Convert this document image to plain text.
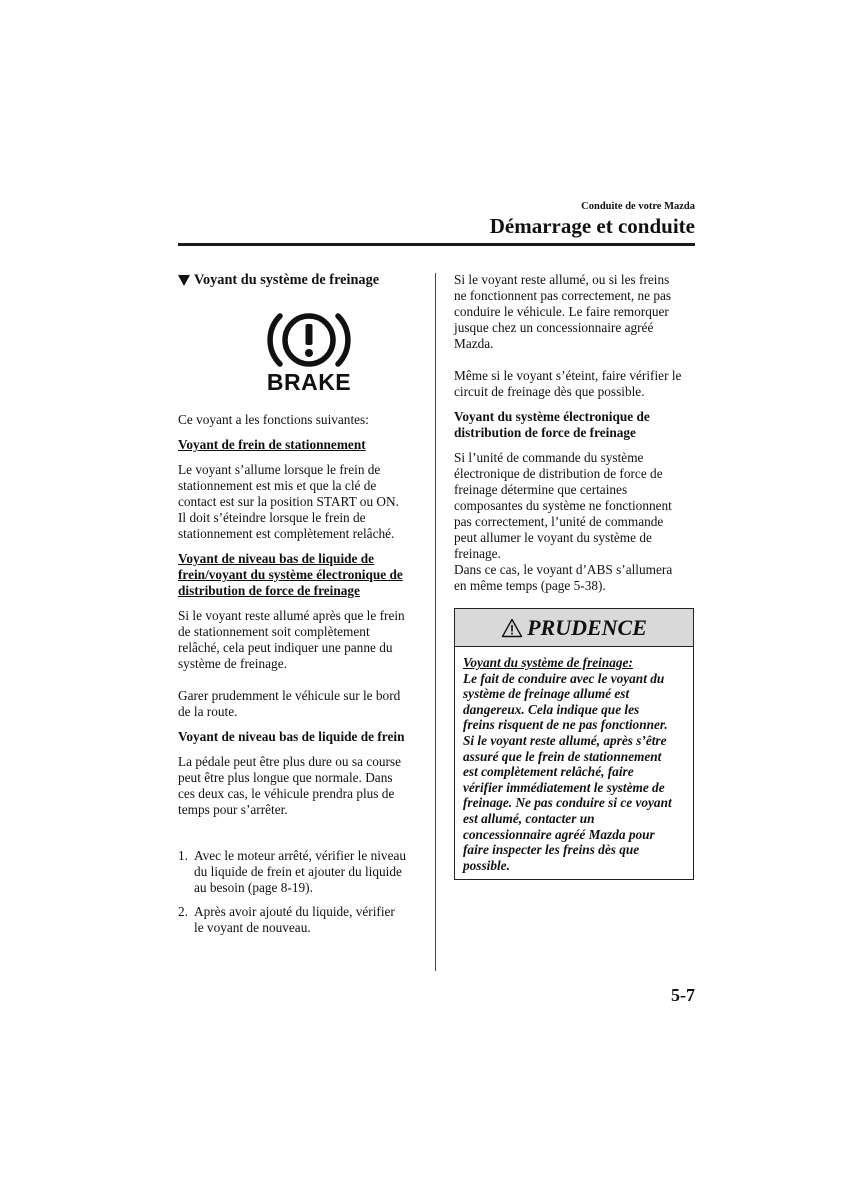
Conduite de votre Mazda
Démarrage et conduite
Voyant du système de freinage
BRAKE

Ce voyant a les fonctions suivantes:

Voyant de frein de stationnement
Le voyant s’allume lorsque le frein de
stationnement est mis et que la clé de
contact est sur la position START ou ON.
Il doit s’éteindre lorsque le frein de
stationnement est complètement relâché.
Voyant de niveau bas de liquide de
frein/voyant du système électronique de
distribution de force de freinage
Si le voyant reste allumé après que le frein
de stationnement soit complètement
relâché, cela peut indiquer une panne du
système de freinage.
Garer prudemment le véhicule sur le bord
de la route.
Voyant de niveau bas de liquide de frein
La pédale peut être plus dure ou sa course
peut être plus longue que normale. Dans
ces deux cas, le véhicule prendra plus de
temps pour s’arrêter.
1. Avec le moteur arrêté, vérifier le niveau
du liquide de frein et ajouter du liquide
au besoin (page 8-19).
2. Après avoir ajouté du liquide, vérifier
le voyant de nouveau.
Si le voyant reste allumé, ou si les freins
ne fonctionnent pas correctement, ne pas
conduire le véhicule. Le faire remorquer
jusque chez un concessionnaire agréé
Mazda.
Même si le voyant s’éteint, faire vérifier le
circuit de freinage dès que possible.
Voyant du système électronique de
distribution de force de freinage
Si l’unité de commande du système
électronique de distribution de force de
freinage détermine que certaines
composantes du système ne fonctionnent
pas correctement, l’unité de commande
peut allumer le voyant du système de
freinage.
Dans ce cas, le voyant d’ABS s’allumera
en même temps (page 5-38).
PRUDENCE
Voyant du système de freinage:
Le fait de conduire avec le voyant du
système de freinage allumé est
dangereux. Cela indique que les
freins risquent de ne pas fonctionner.
Si le voyant reste allumé, après s’être
assuré que le frein de stationnement
est complètement relâché, faire
vérifier immédiatement le système de
freinage. Ne pas conduire si ce voyant
est allumé, contacter un
concessionnaire agréé Mazda pour
faire inspecter les freins dès que
possible.
5-7
